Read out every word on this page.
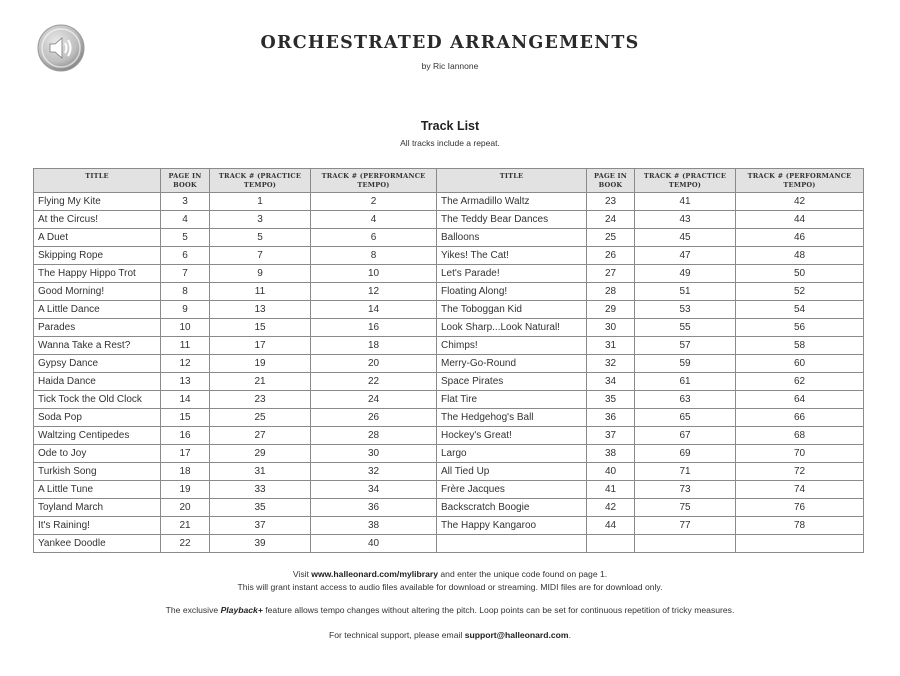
ORCHESTRATED ARRANGEMENTS
by Ric Iannone
Track List
All tracks include a repeat.
TITLE	PAGE IN BOOK	TRACK # (PRACTICE TEMPO)	TRACK # (PERFORMANCE TEMPO)	TITLE	PAGE IN BOOK	TRACK # (PRACTICE TEMPO)	TRACK # (PERFORMANCE TEMPO)
Flying My Kite	3	1	2	The Armadillo Waltz	23	41	42
At the Circus!	4	3	4	The Teddy Bear Dances	24	43	44
A Duet	5	5	6	Balloons	25	45	46
Skipping Rope	6	7	8	Yikes! The Cat!	26	47	48
The Happy Hippo Trot	7	9	10	Let's Parade!	27	49	50
Good Morning!	8	11	12	Floating Along!	28	51	52
A Little Dance	9	13	14	The Toboggan Kid	29	53	54
Parades	10	15	16	Look Sharp...Look Natural!	30	55	56
Wanna Take a Rest?	11	17	18	Chimps!	31	57	58
Gypsy Dance	12	19	20	Merry-Go-Round	32	59	60
Haida Dance	13	21	22	Space Pirates	34	61	62
Tick Tock the Old Clock	14	23	24	Flat Tire	35	63	64
Soda Pop	15	25	26	The Hedgehog's Ball	36	65	66
Waltzing Centipedes	16	27	28	Hockey's Great!	37	67	68
Ode to Joy	17	29	30	Largo	38	69	70
Turkish Song	18	31	32	All Tied Up	40	71	72
A Little Tune	19	33	34	Frère Jacques	41	73	74
Toyland March	20	35	36	Backscratch Boogie	42	75	76
It's Raining!	21	37	38	The Happy Kangaroo	44	77	78
Yankee Doodle	22	39	40				
Visit www.halleonard.com/mylibrary and enter the unique code found on page 1.
This will grant instant access to audio files available for download or streaming. MIDI files are for download only.
The exclusive Playback+ feature allows tempo changes without altering the pitch. Loop points can be set for continuous repetition of tricky measures.
For technical support, please email support@halleonard.com.
